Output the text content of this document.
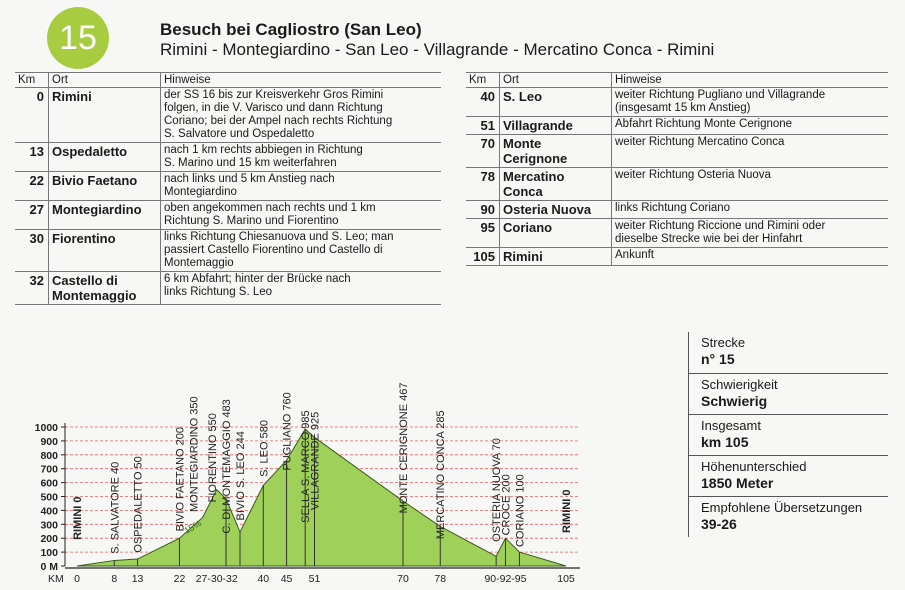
15	Besuch bei Cagliostro (San Leo)
Rimini - Montegiardino - San Leo - Villagrande - Mercatino Conca - Rimini
Km	Ort	Hinweise
0	Rimini	der SS 16 bis zur Kreisverkehr Gros Rimini
folgen, in die V. Varisco und dann Richtung
Coriano; bei der Ampel nach rechts Richtung
S. Salvatore und Ospedaletto
13	Ospedaletto	nach 1 km rechts abbiegen in Richtung
S. Marino und 15 km weiterfahren
22	Bivio Faetano	nach links und 5 km Anstieg nach
Montegiardino
27	Montegiardino	oben angekommen nach rechts und 1 km
Richtung S. Marino und Fiorentino
30	Fiorentino	links Richtung Chiesanuova und S. Leo; man
passiert Castello Fiorentino und Castello di
Montemaggio
32	Castello di
Montemaggio	6 km Abfahrt; hinter der Brücke nach
links Richtung S. Leo
Km	Ort	Hinweise
40	S. Leo	weiter Richtung Pugliano und Villagrande
(insgesamt 15 km Anstieg)
51	Villagrande	Abfahrt Richtung Monte Cerignone
70	Monte
Cerignone	weiter Richtung Mercatino Conca
78	Mercatino
Conca	weiter Richtung Osteria Nuova
90	Osteria Nuova	links Richtung Coriano
95	Coriano	weiter Richtung Riccione und Rimini oder
dieselbe Strecke wie bei der Hinfahrt
105	Rimini	Ankunft
Strecke
n° 15
Schwierigkeit
Schwierig
Insgesamt
km 105
Höhenunterschied
1850 Meter
Empfohlene Übersetzungen
39-26
0 M
100
200
300
400
500
600
700
800
900
1000
RIMINI 0 S. SALVATORE 40 OSPEDALETTO 50	BIVIO FAETANO 200 MONTEGIARDINO 350 FIORENTINO 550 C. DI MONTEMAGGIO 483 BIVIO S. LEO 244 S. LEO 580 PUGLIANO 760 SELLA S. MARCO 985
VILLAGRANDE 925	MONTE CERIGNONE 467 MERCATINO CONCA 285	OSTERIA NUOVA 70
CROCE 200 CORIANO 100	RIMINI 0
15%
KM 0	8 13	22 27-30-32 40 45 51	70 78	90-92-95	105
